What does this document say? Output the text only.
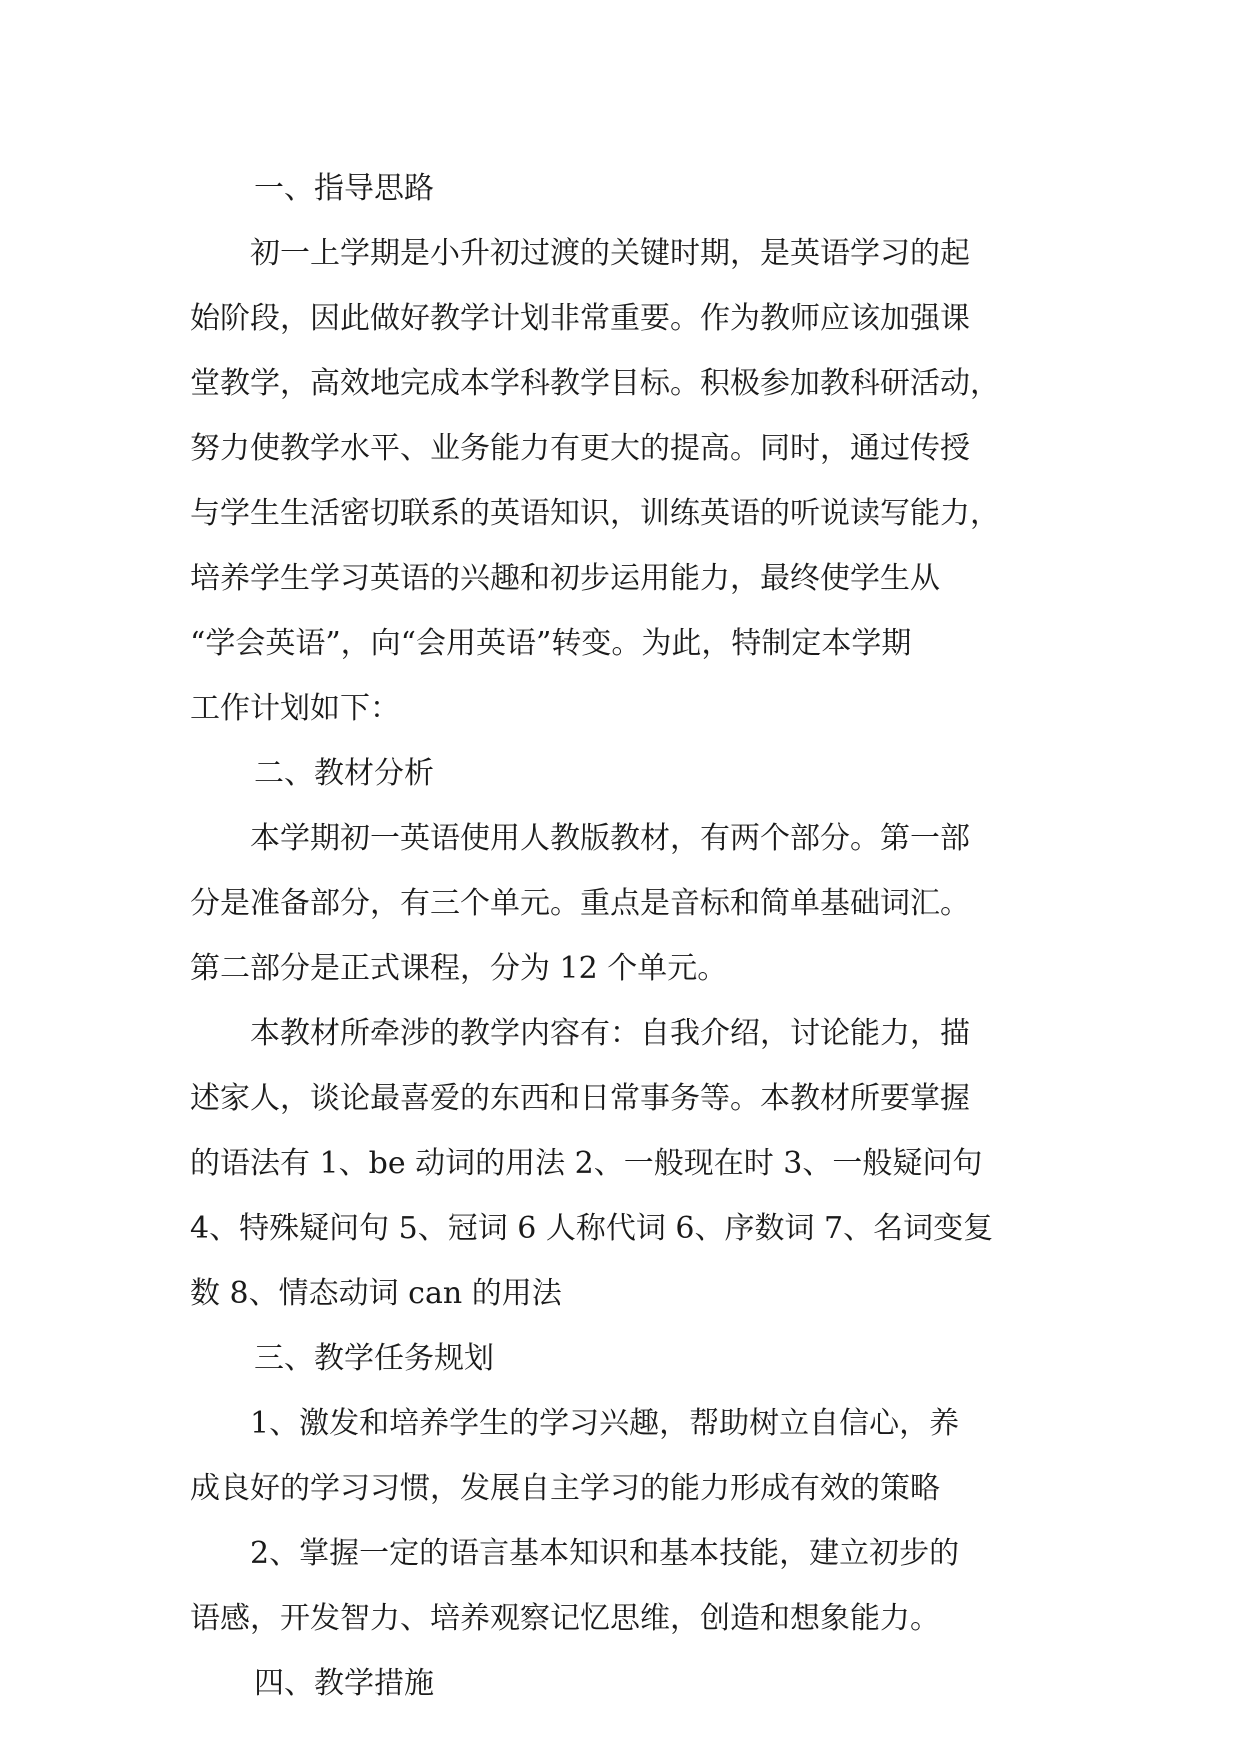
一、指导思路
初一上学期是小升初过渡的关键时期，是英语学习的起
始阶段，因此做好教学计划非常重要。作为教师应该加强课
堂教学，高效地完成本学科教学目标。积极参加教科研活动，
努力使教学水平、业务能力有更大的提高。同时，通过传授
与学生生活密切联系的英语知识，训练英语的听说读写能力，
培养学生学习英语的兴趣和初步运用能力，最终使学生从
“学会英语”，向“会用英语”转变。为此，特制定本学期
工作计划如下：
二、教材分析
本学期初一英语使用人教版教材，有两个部分。第一部
分是准备部分，有三个单元。重点是音标和简单基础词汇。
第二部分是正式课程，分为 12 个单元。
本教材所牵涉的教学内容有：自我介绍，讨论能力，描
述家人，谈论最喜爱的东西和日常事务等。本教材所要掌握
的语法有 1、be 动词的用法 2、一般现在时 3、一般疑问句
4、特殊疑问句 5、冠词 6 人称代词 6、序数词 7、名词变复
数 8、情态动词 can 的用法
三、教学任务规划
1、激发和培养学生的学习兴趣，帮助树立自信心，养
成良好的学习习惯，发展自主学习的能力形成有效的策略
2、掌握一定的语言基本知识和基本技能，建立初步的
语感，开发智力、培养观察记忆思维，创造和想象能力。
四、教学措施
